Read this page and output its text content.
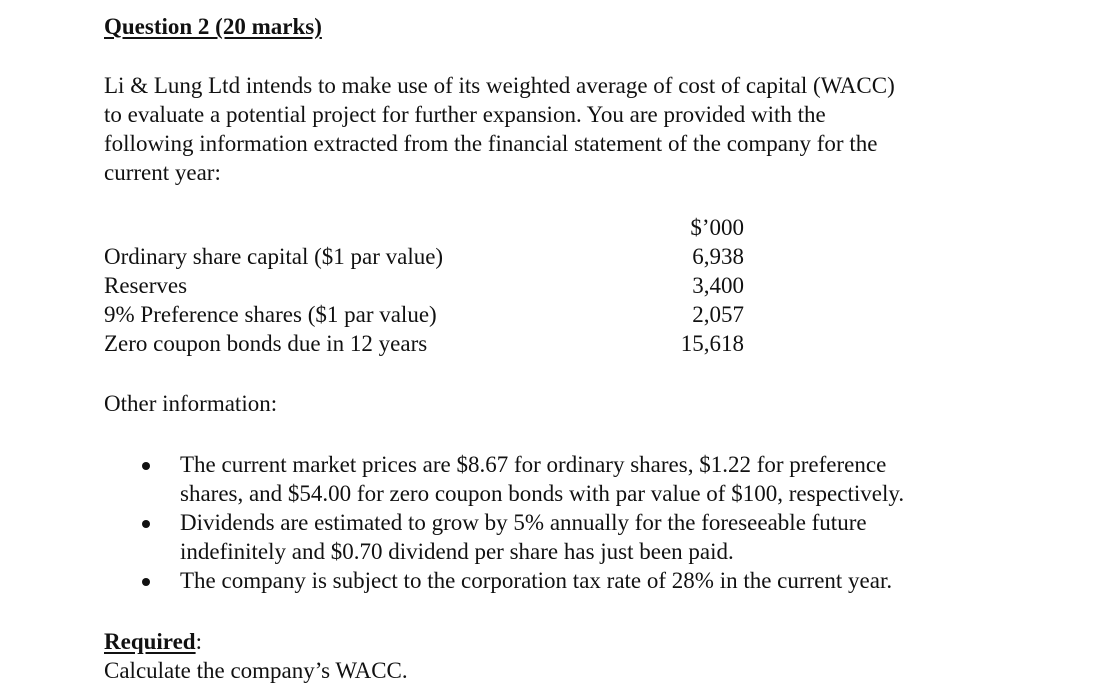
Question 2 (20 marks)
Li & Lung Ltd intends to make use of its weighted average of cost of capital (WACC)
to evaluate a potential project for further expansion. You are provided with the
following information extracted from the financial statement of the company for the
current year:
$’000
Ordinary share capital ($1 par value)	6,938
Reserves	3,400
9% Preference shares ($1 par value)	2,057
Zero coupon bonds due in 12 years	15,618
Other information:
The current market prices are $8.67 for ordinary shares, $1.22 for preference
shares, and $54.00 for zero coupon bonds with par value of $100, respectively.
Dividends are estimated to grow by 5% annually for the foreseeable future
indefinitely and $0.70 dividend per share has just been paid.
The company is subject to the corporation tax rate of 28% in the current year.
Required:
Calculate the company’s WACC.
